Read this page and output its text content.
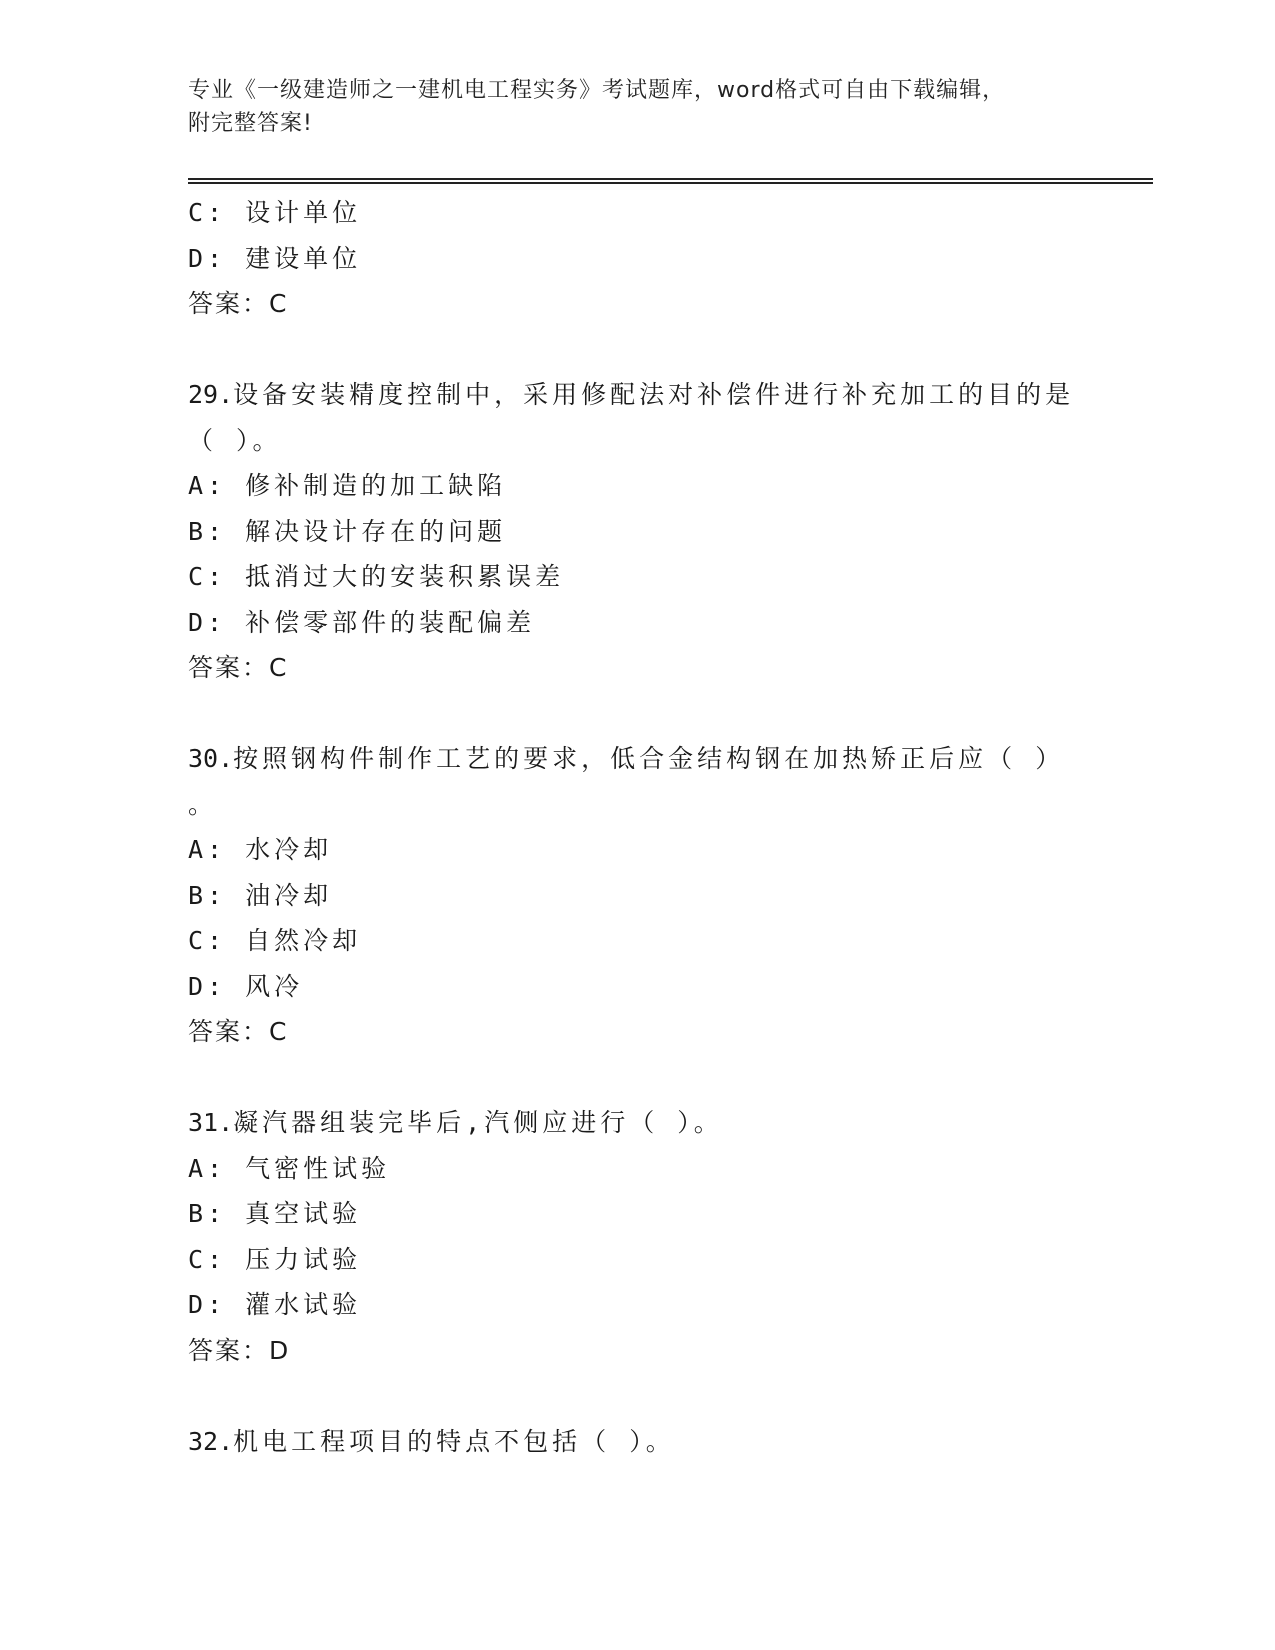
专业《一级建造师之一建机电工程实务》考试题库，word格式可自由下载编辑，
附完整答案!
C: 设计单位
D: 建设单位
答案：C
29.设备安装精度控制中，采用修配法对补偿件进行补充加工的目的是
（ ）。
A: 修补制造的加工缺陷
B: 解决设计存在的问题
C: 抵消过大的安装积累误差
D: 补偿零部件的装配偏差
答案：C
30.按照钢构件制作工艺的要求，低合金结构钢在加热矫正后应（ ）
。
A: 水冷却
B: 油冷却
C: 自然冷却
D: 风冷
答案：C
31.凝汽器组装完毕后,汽侧应进行（ ）。
A: 气密性试验
B: 真空试验
C: 压力试验
D: 灌水试验
答案：D
32.机电工程项目的特点不包括（ ）。
